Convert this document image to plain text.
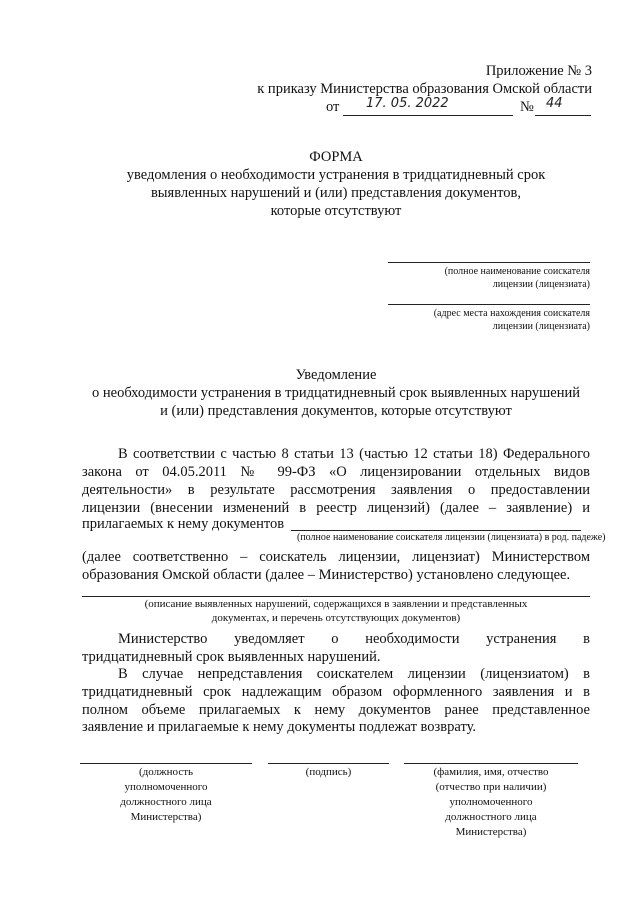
Приложение № 3
к приказу Министерства образования Омской области
от 17. 05. 2022	№ 44
ФОРМА
уведомления о необходимости устранения в тридцатидневный срок
выявленных нарушений и (или) представления документов,
которые отсутствуют
(полное наименование соискателя
лицензии (лицензиата)
(адрес места нахождения соискателя
лицензии (лицензиата)
Уведомление
о необходимости устранения в тридцатидневный срок выявленных нарушений
и (или) представления документов, которые отсутствуют
В соответствии с частью 8 статьи 13 (частью 12 статьи 18) Федерального
закона от 04.05.2011 № 99-ФЗ «О лицензировании отдельных видов
деятельности» в результате рассмотрения заявления о предоставлении
лицензии (внесении изменений в реестр лицензий) (далее – заявление) и
прилагаемых к нему документов
(полное наименование соискателя лицензии (лицензиата) в род. падеже)
(далее соответственно – соискатель лицензии, лицензиат) Министерством
образования Омской области (далее – Министерство) установлено следующее.
(описание выявленных нарушений, содержащихся в заявлении и представленных
документах, и перечень отсутствующих документов)
Министерство уведомляет о необходимости устранения в
тридцатидневный срок выявленных нарушений.
В случае непредставления соискателем лицензии (лицензиатом) в
тридцатидневный срок надлежащим образом оформленного заявления и в
полном объеме прилагаемых к нему документов ранее представленное
заявление и прилагаемые к нему документы подлежат возврату.
(должность
уполномоченного
должностного лица
Министерства)
(подпись)	(фамилия, имя, отчество
(отчество при наличии)
уполномоченного
должностного лица
Министерства)
